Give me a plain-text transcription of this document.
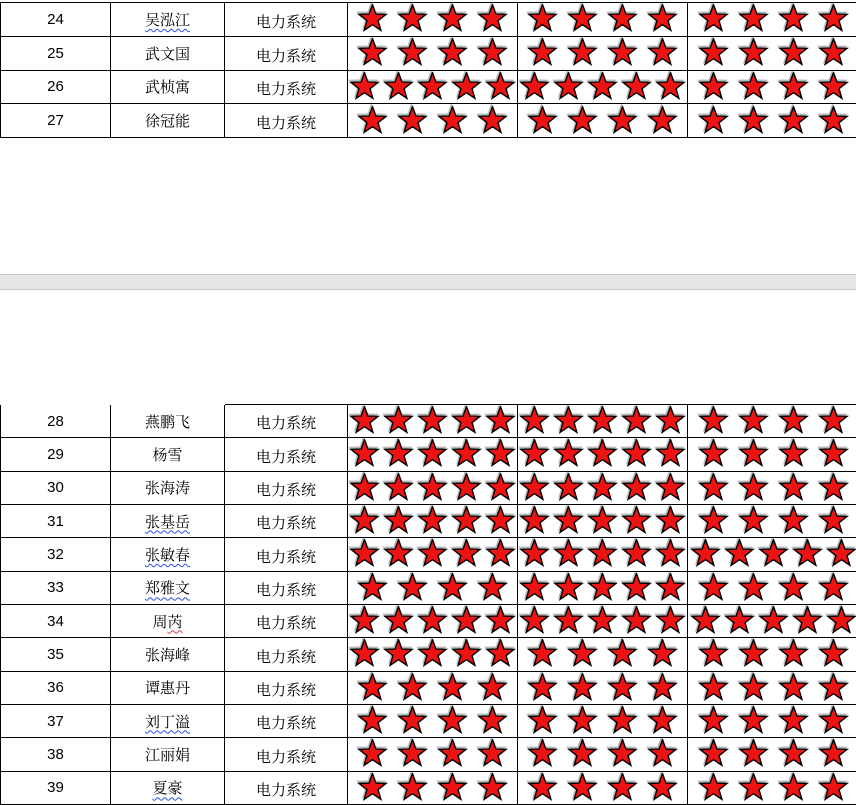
24	吴泓江	电力系统
25	武文国	电力系统
26	武桢寓	电力系统
27	徐冠能	电力系统
28	燕鹏飞	电力系统
29	杨雪	电力系统
30	张海涛	电力系统
31	张基岳	电力系统
32	张敏春	电力系统
33	郑雅文	电力系统
34	周 芮	电力系统
35	张海峰	电力系统
36	谭惠丹	电力系统
37	刘丁溢	电力系统
38	江丽娟	电力系统
39	夏豪	电力系统
